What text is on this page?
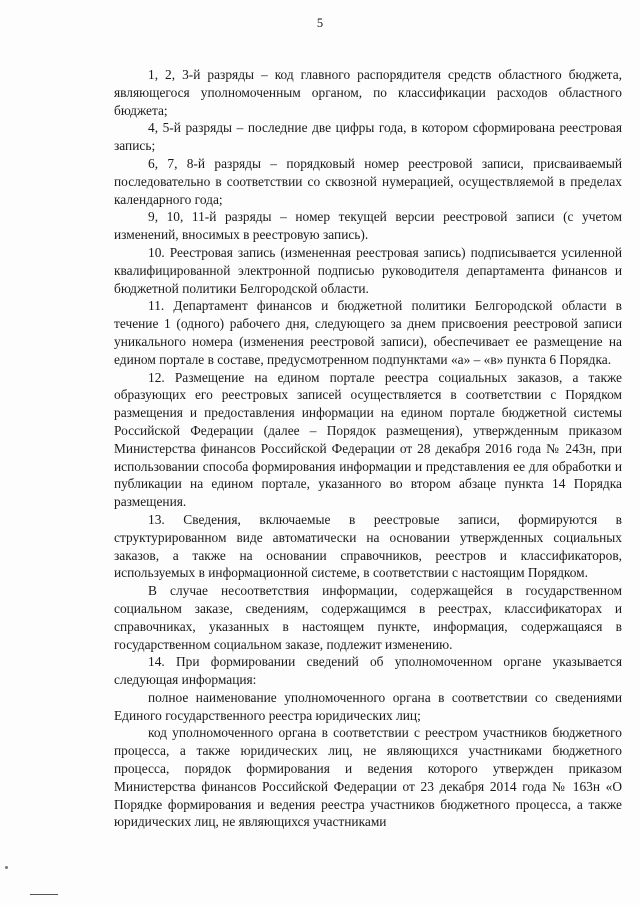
5

1, 2, 3-й разряды – код главного распорядителя средств областного бюджета, являющегося уполномоченным органом, по классификации расходов областного бюджета;

4, 5-й разряды – последние две цифры года, в котором сформирована реестровая запись;

6, 7, 8-й разряды – порядковый номер реестровой записи, присваиваемый последовательно в соответствии со сквозной нумерацией, осуществляемой в пределах календарного года;

9, 10, 11-й разряды – номер текущей версии реестровой записи (с учетом изменений, вносимых в реестровую запись).

10. Реестровая запись (измененная реестровая запись) подписывается усиленной квалифицированной электронной подписью руководителя департамента финансов и бюджетной политики Белгородской области.

11. Департамент финансов и бюджетной политики Белгородской области в течение 1 (одного) рабочего дня, следующего за днем присвоения реестровой записи уникального номера (изменения реестровой записи), обеспечивает ее размещение на едином портале в составе, предусмотренном подпунктами «а» – «в» пункта 6 Порядка.

12. Размещение на едином портале реестра социальных заказов, а также образующих его реестровых записей осуществляется в соответствии с Порядком размещения и предоставления информации на едином портале бюджетной системы Российской Федерации (далее – Порядок размещения), утвержденным приказом Министерства финансов Российской Федерации от 28 декабря 2016 года № 243н, при использовании способа формирования информации и представления ее для обработки и публикации на едином портале, указанного во втором абзаце пункта 14 Порядка размещения.

13. Сведения, включаемые в реестровые записи, формируются в структурированном виде автоматически на основании утвержденных социальных заказов, а также на основании справочников, реестров и классификаторов, используемых в информационной системе, в соответствии с настоящим Порядком.

В случае несоответствия информации, содержащейся в государственном социальном заказе, сведениям, содержащимся в реестрах, классификаторах и справочниках, указанных в настоящем пункте, информация, содержащаяся в государственном социальном заказе, подлежит изменению.

14. При формировании сведений об уполномоченном органе указывается следующая информация:

полное наименование уполномоченного органа в соответствии со сведениями Единого государственного реестра юридических лиц;

код уполномоченного органа в соответствии с реестром участников бюджетного процесса, а также юридических лиц, не являющихся участниками бюджетного процесса, порядок формирования и ведения которого утвержден приказом Министерства финансов Российской Федерации от 23 декабря 2014 года № 163н «О Порядке формирования и ведения реестра участников бюджетного процесса, а также юридических лиц, не являющихся участниками
